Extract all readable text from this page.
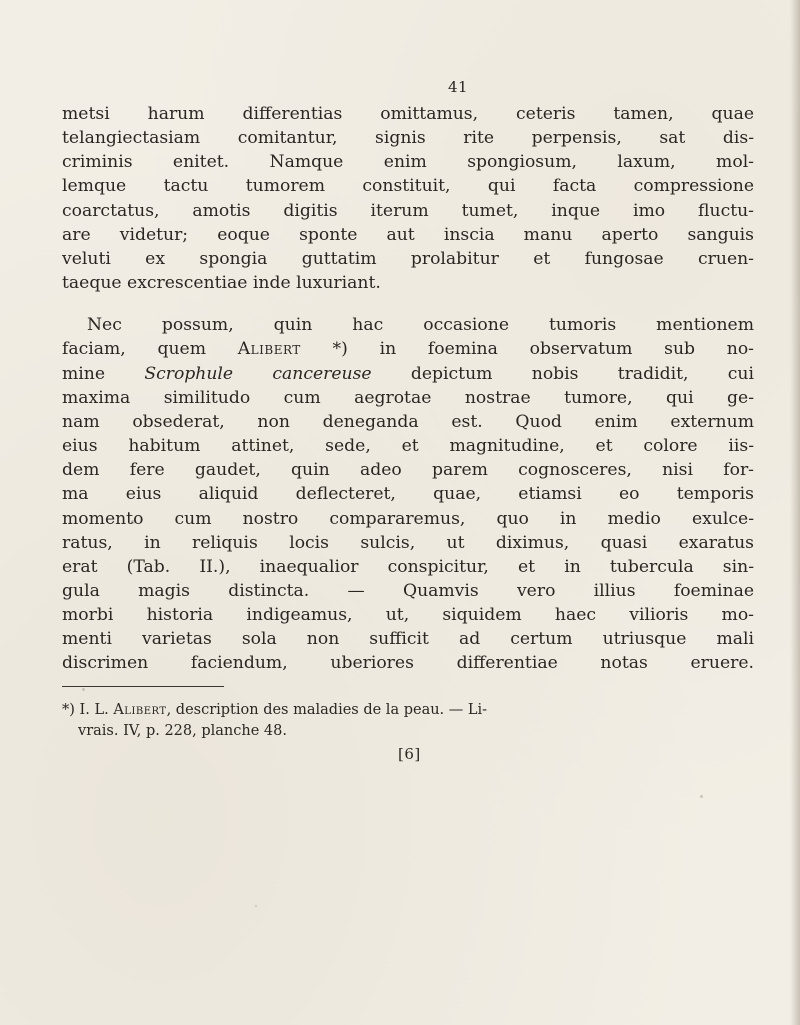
41
metsi harum differentias omittamus, ceteris tamen, quae
telangiectasiam comitantur, signis rite perpensis, sat dis-
criminis enitet. Namque enim spongiosum, laxum, mol-
lemque tactu tumorem constituit, qui facta compressione
coarctatus, amotis digitis iterum tumet, inque imo fluctu-
are videtur; eoque sponte aut inscia manu aperto sanguis
veluti ex spongia guttatim prolabitur et fungosae cruen-
taeque excrescentiae inde luxuriant.
Nec possum, quin hac occasione tumoris mentionem
faciam, quem Alibert *) in foemina observatum sub no-
mine Scrophule cancereuse depictum nobis tradidit, cui
maxima similitudo cum aegrotae nostrae tumore, qui ge-
nam obsederat, non deneganda est. Quod enim externum
eius habitum attinet, sede, et magnitudine, et colore iis-
dem fere gaudet, quin adeo parem cognosceres, nisi for-
ma eius aliquid deflecteret, quae, etiamsi eo temporis
momento cum nostro compararemus, quo in medio exulce-
ratus, in reliquis locis sulcis, ut diximus, quasi exaratus
erat (Tab. II.), inaequalior conspicitur, et in tubercula sin-
gula magis distincta. — Quamvis vero illius foeminae
morbi historia indigeamus, ut, siquidem haec vilioris mo-
menti varietas sola non sufficit ad certum utriusque mali
discrimen faciendum, uberiores differentiae notas eruere.
*) I. L. Alibert, description des maladies de la peau. — Li-
vrais. IV, p. 228, planche 48.
[6]
